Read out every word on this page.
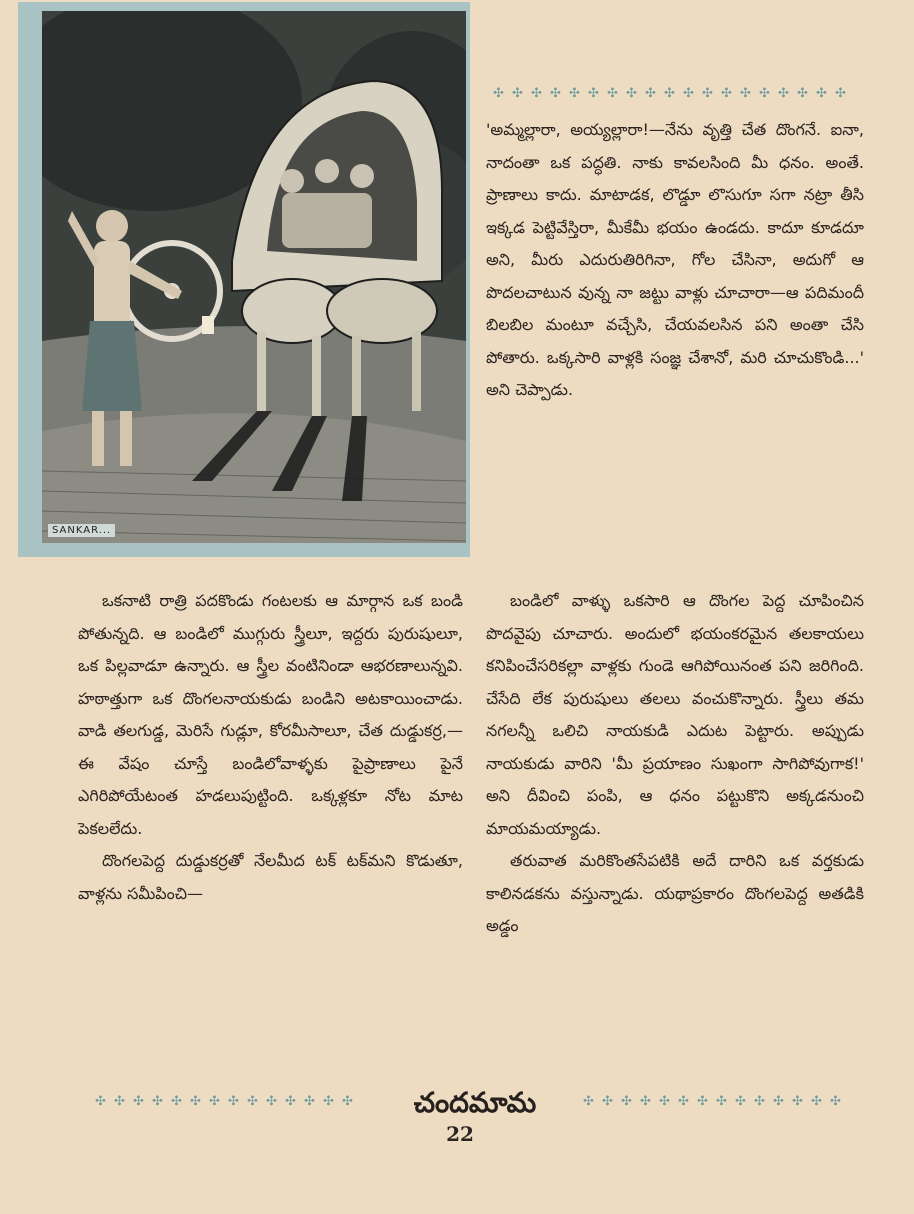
SANKAR...
✣ ✣ ✣ ✣ ✣ ✣ ✣ ✣ ✣ ✣ ✣ ✣ ✣ ✣ ✣ ✣ ✣ ✣ ✣

'అమ్మల్లారా, అయ్యల్లారా!—నేను వృత్తి చేత దొంగనే. ఐనా, నాదంతా ఒక పద్ధతి. నాకు కావలసింది మీ ధనం. అంతే. ప్రాణాలు కాదు. మాటాడక, లొడ్డూ లొసుగూ సగా నట్రా తీసి ఇక్కడ పెట్టివేస్తిరా, మీకేమీ భయం ఉండదు. కాదూ కూడదూ అని, మీరు ఎదురుతిరిగినా, గోల చేసినా, అదుగో ఆ పొదలచాటున వున్న నా జట్టు వాళ్లు చూచారా—ఆ పదిమందీ బిలబిల మంటూ వచ్చేసి, చేయవలసిన పని అంతా చేసి పోతారు. ఒక్కసారి వాళ్లకి సంజ్ఞ చేశానో, మరి చూచుకొండి...' అని చెప్పాడు.

ఒకనాటి రాత్రి పదకొండు గంటలకు ఆ మార్గాన ఒక బండి పోతున్నది. ఆ బండిలో ముగ్గురు స్త్రీలూ, ఇద్దరు పురుషులూ, ఒక పిల్లవాడూ ఉన్నారు. ఆ స్త్రీల వంటినిండా ఆభరణాలున్నవి. హఠాత్తుగా ఒక దొంగలనాయకుడు బండిని అటకాయించాడు. వాడి తలగుడ్డ, మెరిసే గుడ్లూ, కోరమీసాలూ, చేత దుడ్డుకర్ర,—ఈ వేషం చూస్తే బండిలోవాళ్ళకు పైప్రాణాలు పైనే ఎగిరిపోయేటంత హడలుపుట్టింది. ఒక్కళ్లకూ నోట మాట పెకలలేదు.

దొంగలపెద్ద దుడ్డుకర్రతో నేలమీద టక్ టక్‌మని కొడుతూ, వాళ్లను సమీపించి—

బండిలో వాళ్ళు ఒకసారి ఆ దొంగల పెద్ద చూపించిన పొదవైపు చూచారు. అందులో భయంకరమైన తలకాయలు కనిపించేసరికల్లా వాళ్లకు గుండె ఆగిపోయినంత పని జరిగింది. చేసేది లేక పురుషులు తలలు వంచుకొన్నారు. స్త్రీలు తమ నగలన్నీ ఒలిచి నాయకుడి ఎదుట పెట్టారు. అప్పుడు నాయకుడు వారిని 'మీ ప్రయాణం సుఖంగా సాగిపోవుగాక!' అని దీవించి పంపి, ఆ ధనం పట్టుకొని అక్కడనుంచి మాయమయ్యాడు.

తరువాత మరికొంతసేపటికి అదే దారిని ఒక వర్తకుడు కాలినడకను వస్తున్నాడు. యథాప్రకారం దొంగలపెద్ద అతడికి అడ్డం

✣ ✣ ✣ ✣ ✣ ✣ ✣ ✣ ✣ ✣ ✣ ✣ ✣ ✣	చందమామ	✣ ✣ ✣ ✣ ✣ ✣ ✣ ✣ ✣ ✣ ✣ ✣ ✣ ✣
22
